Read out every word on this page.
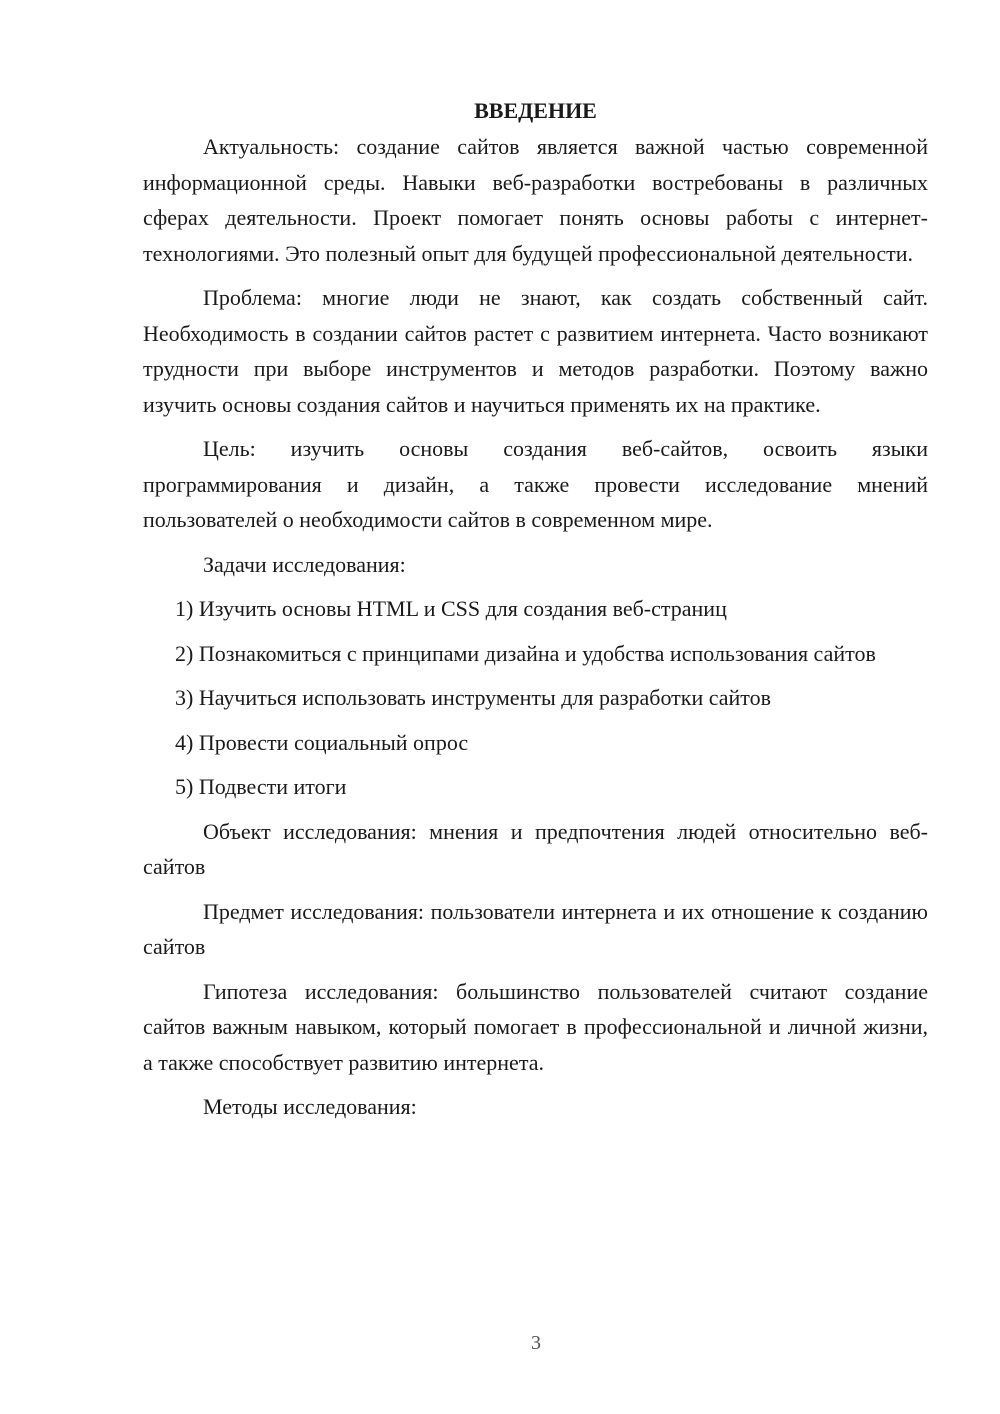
ВВЕДЕНИЕ
Актуальность: создание сайтов является важной частью современной информационной среды. Навыки веб-разработки востребованы в различных сферах деятельности. Проект помогает понять основы работы с интернет-технологиями. Это полезный опыт для будущей профессиональной деятельности.
Проблема: многие люди не знают, как создать собственный сайт. Необходимость в создании сайтов растет с развитием интернета. Часто возникают трудности при выборе инструментов и методов разработки. Поэтому важно изучить основы создания сайтов и научиться применять их на практике.
Цель: изучить основы создания веб-сайтов, освоить языки программирования и дизайн, а также провести исследование мнений пользователей о необходимости сайтов в современном мире.
Задачи исследования:
1) Изучить основы HTML и CSS для создания веб-страниц
2) Познакомиться с принципами дизайна и удобства использования сайтов
3) Научиться использовать инструменты для разработки сайтов
4) Провести социальный опрос
5) Подвести итоги
Объект исследования: мнения и предпочтения людей относительно веб-сайтов
Предмет исследования: пользователи интернета и их отношение к созданию сайтов
Гипотеза исследования: большинство пользователей считают создание сайтов важным навыком, который помогает в профессиональной и личной жизни, а также способствует развитию интернета.
Методы исследования:
3
